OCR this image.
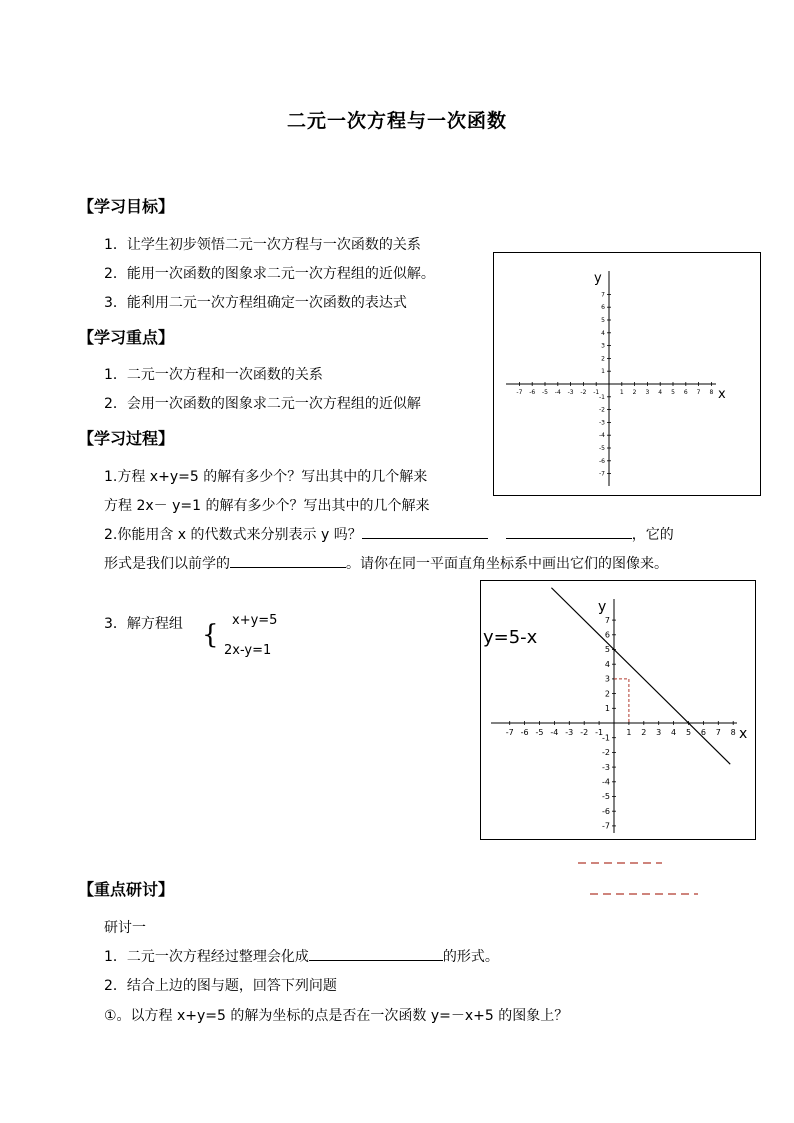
二元一次方程与一次函数
【学习目标】
1．让学生初步领悟二元一次方程与一次函数的关系
2．能用一次函数的图象求二元一次方程组的近似解。
3．能利用二元一次方程组确定一次函数的表达式
【学习重点】
1．二元一次方程和一次函数的关系
2．会用一次函数的图象求二元一次方程组的近似解
【学习过程】
1.方程 x+y=5 的解有多少个？写出其中的几个解来
方程 2x－ y=1 的解有多少个？写出其中的几个解来
2.你能用含 x 的代数式来分别表示 y 吗？	，它的
形式是我们以前学的	。请你在同一平面直角坐标系中画出它们的图像来。
3．解方程组 { x+y=5
2x-y=1
-7 -6 -5 -4 -3 -2 -1	1 2 3 4 5 6 7 8
7
6
5
4
3
2
1
-1
-2
-3
-4
-5
-6
-7
x
y
-7 -6 -5 -4 -3 -2 -1	1 2 3 4 5 6 7 8
7
6
5
4
3
2
1
-1
-2
-3
-4
-5
-6
-7
x
y
y=5-x
【重点研讨】
研讨一
1．二元一次方程经过整理会化成	的形式。
2．结合上边的图与题，回答下列问题
①。以方程 x+y=5 的解为坐标的点是否在一次函数 y=－x+5 的图象上？
